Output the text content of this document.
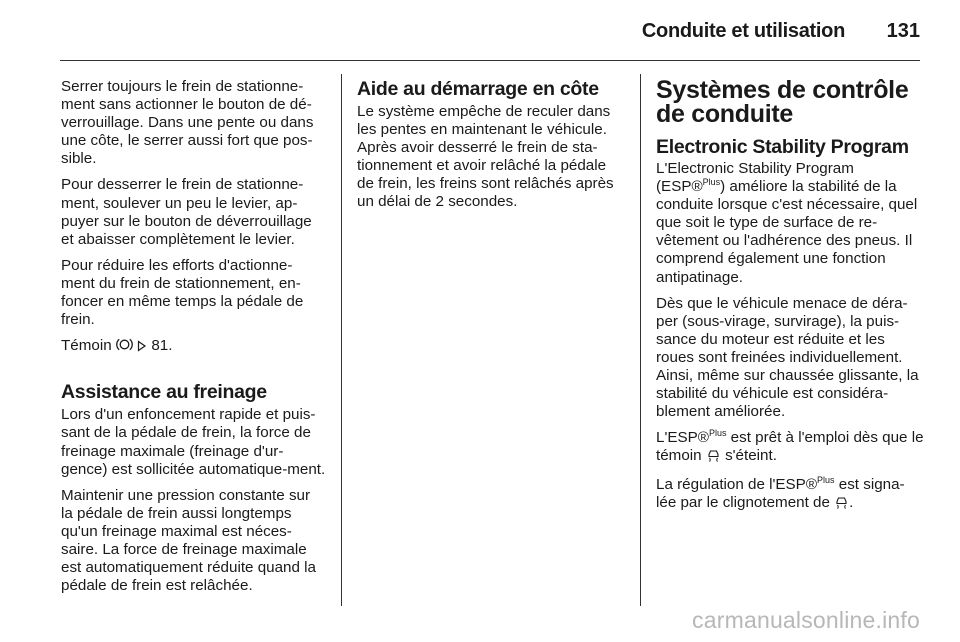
Conduite et utilisation 131

Serrer toujours le frein de stationne-ment sans actionner le bouton de dé-verrouillage. Dans une pente ou dans une côte, le serrer aussi fort que pos-sible.

Pour desserrer le frein de stationne-ment, soulever un peu le levier, ap-puyer sur le bouton de déverrouillage et abaisser complètement le levier.

Pour réduire les efforts d'actionne-ment du frein de stationnement, en-foncer en même temps la pédale de frein.

Témoin	81.

Assistance au freinage

Lors d'un enfoncement rapide et puis-sant de la pédale de frein, la force de freinage maximale (freinage d'ur-gence) est sollicitée automatique-ment.

Maintenir une pression constante sur la pédale de frein aussi longtemps qu'un freinage maximal est néces-saire. La force de freinage maximale est automatiquement réduite quand la pédale de frein est relâchée.

Aide au démarrage en côte

Le système empêche de reculer dans les pentes en maintenant le véhicule. Après avoir desserré le frein de sta-tionnement et avoir relâché la pédale de frein, les freins sont relâchés après un délai de 2 secondes.

Systèmes de contrôle de conduite
Electronic Stability Program

L'Electronic Stability Program (ESP®$^{Plus}$) améliore la stabilité de la conduite lorsque c'est nécessaire, quel que soit le type de surface de re-vêtement ou l'adhérence des pneus. Il comprend également une fonction antipatinage.

Dès que le véhicule menace de déra-per (sous-virage, survirage), la puis-sance du moteur est réduite et les roues sont freinées individuellement. Ainsi, même sur chaussée glissante, la stabilité du véhicule est considéra-blement améliorée.

L'ESP®$^{Plus}$ est prêt à l'emploi dès que le témoin s'éteint.

La régulation de l'ESP®$^{Plus}$ est signa-lée par le clignotement de .

carmanualsonline.info
